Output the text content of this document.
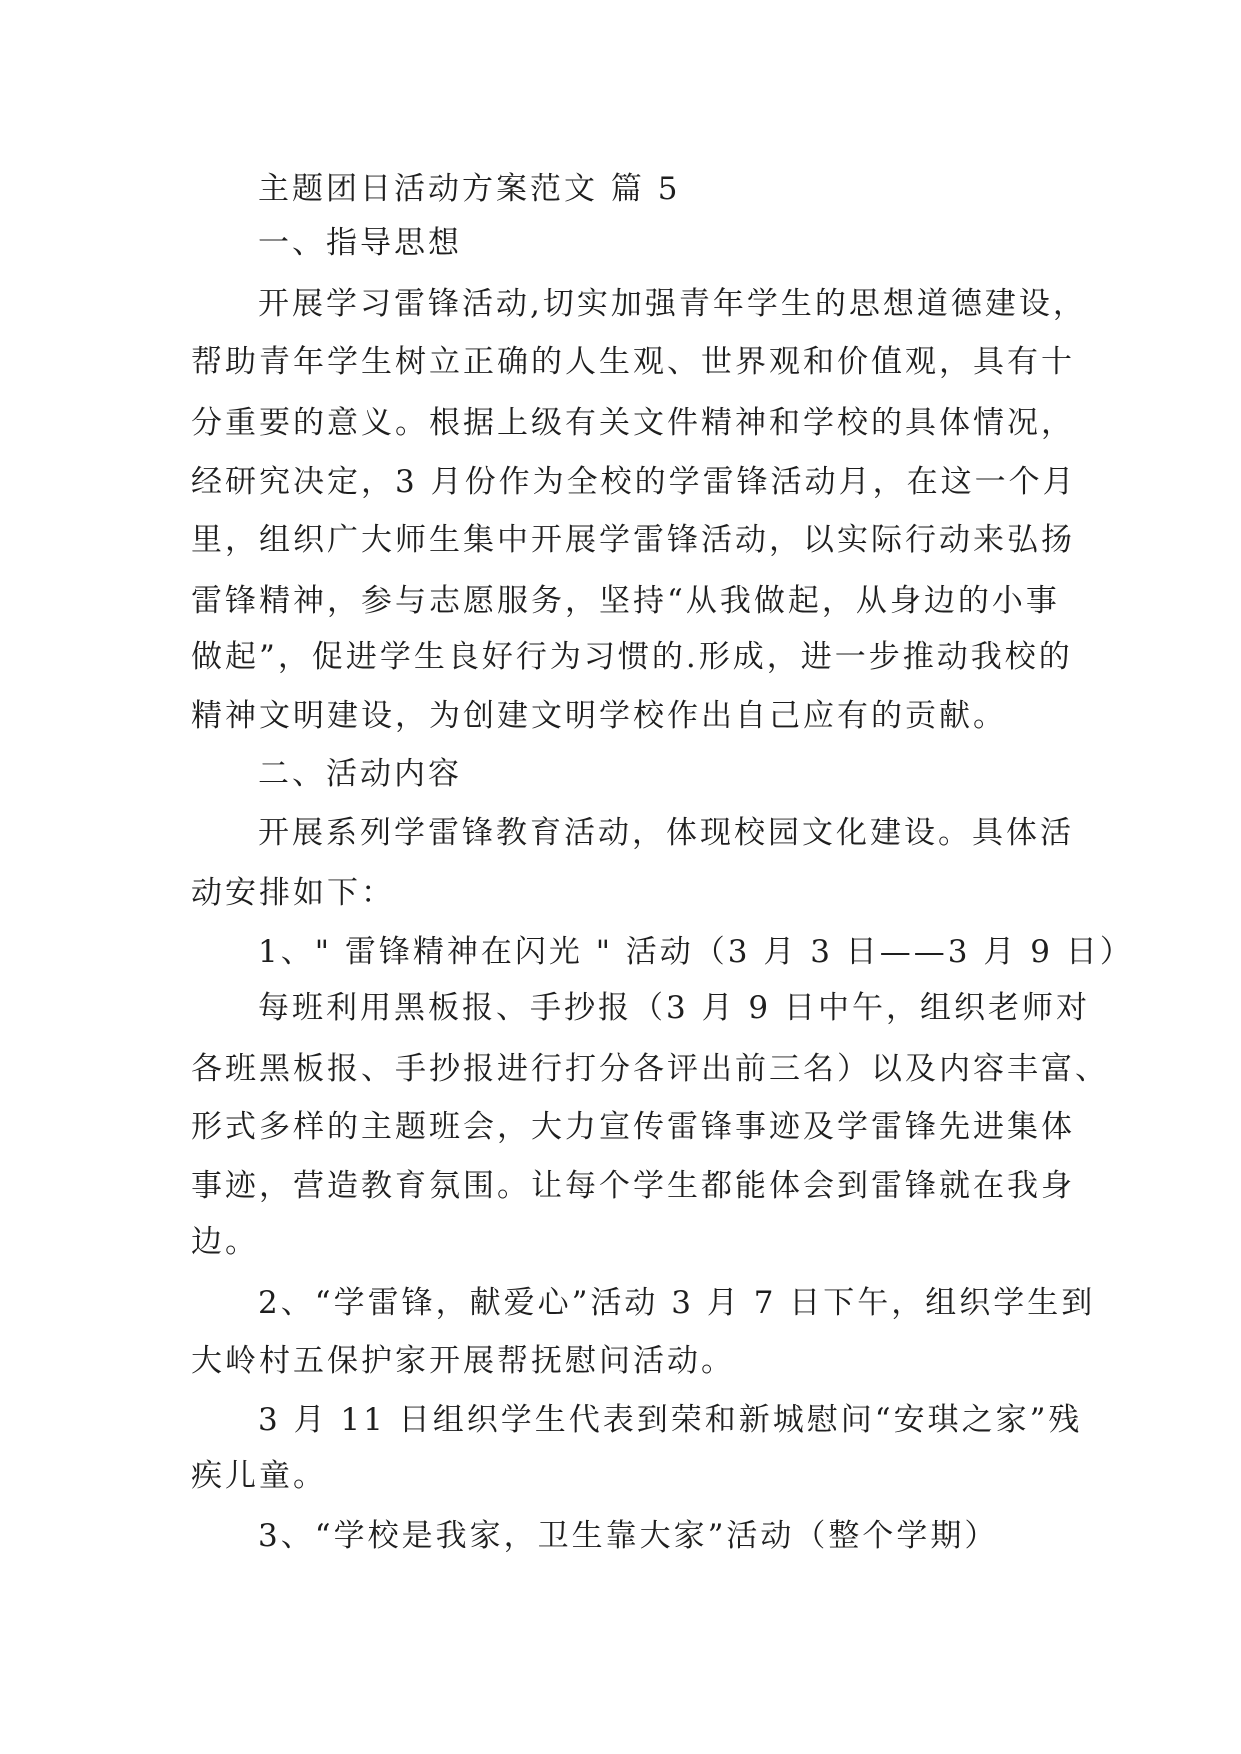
主题团日活动方案范文 篇 5
一、指导思想
开展学习雷锋活动,切实加强青年学生的思想道德建设，
帮助青年学生树立正确的人生观、世界观和价值观，具有十
分重要的意义。根据上级有关文件精神和学校的具体情况，
经研究决定，3 月份作为全校的学雷锋活动月，在这一个月
里，组织广大师生集中开展学雷锋活动，以实际行动来弘扬
雷锋精神，参与志愿服务，坚持“从我做起，从身边的小事
做起”，促进学生良好行为习惯的.形成，进一步推动我校的
精神文明建设，为创建文明学校作出自己应有的贡献。
二、活动内容
开展系列学雷锋教育活动，体现校园文化建设。具体活
动安排如下：
1、" 雷锋精神在闪光 " 活动（3 月 3 日——3 月 9 日）
每班利用黑板报、手抄报（3 月 9 日中午，组织老师对
各班黑板报、手抄报进行打分各评出前三名）以及内容丰富、
形式多样的主题班会，大力宣传雷锋事迹及学雷锋先进集体
事迹，营造教育氛围。让每个学生都能体会到雷锋就在我身
边。
2、“学雷锋，献爱心”活动 3 月 7 日下午，组织学生到
大岭村五保护家开展帮抚慰问活动。
3 月 11 日组织学生代表到荣和新城慰问“安琪之家”残
疾儿童。
3、“学校是我家，卫生靠大家”活动（整个学期）
